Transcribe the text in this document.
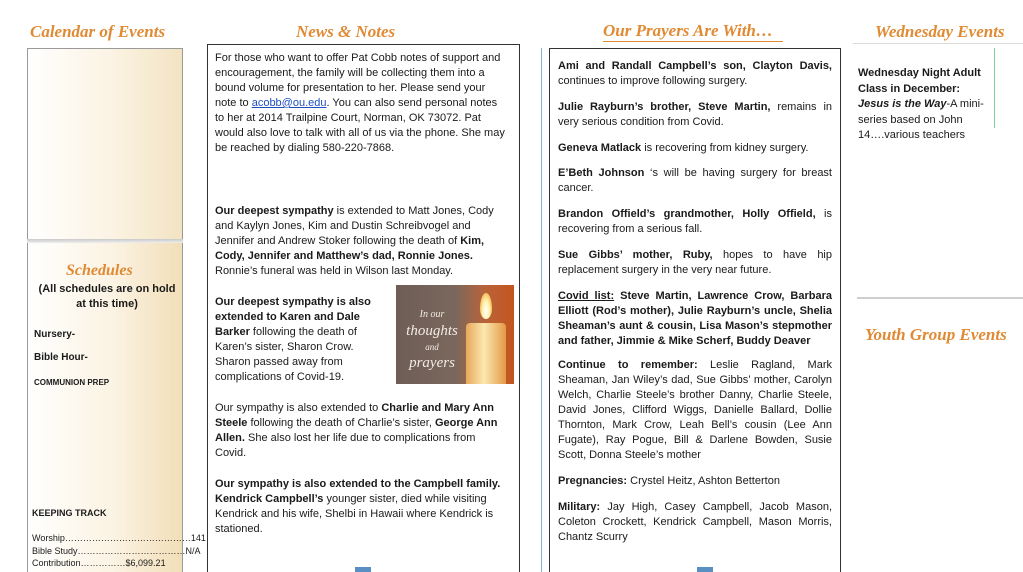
Calendar of Events	News & Notes	Our Prayers Are With…	Wednesday Events
Youth Group Events
Schedules
(All schedules are on hold at this time)
Nursery-
Bible Hour-
COMMUNION PREP
KEEPING TRACK
Worship……………………………………141
Bible Study………………………………N/A
Contribution……………$6,099.21

For those who want to offer Pat Cobb notes of support and encouragement, the family will be collecting them into a bound volume for presentation to her. Please send your note to acobb@ou.edu. You can also send personal notes to her at 2014 Trailpine Court, Norman, OK 73072. Pat would also love to talk with all of us via the phone. She may be reached by dialing 580-220-7868.

Our deepest sympathy is extended to Matt Jones, Cody and Kaylyn Jones, Kim and Dustin Schreibvogel and Jennifer and Andrew Stoker following the death of Kim, Cody, Jennifer and Matthew’s dad, Ronnie Jones. Ronnie’s funeral was held in Wilson last Monday.

Our deepest sympathy is also extended to Karen and Dale Barker following the death of Karen’s sister, Sharon Crow. Sharon passed away from complications of Covid-19.

Our sympathy is also extended to Charlie and Mary Ann Steele following the death of Charlie’s sister, George Ann Allen. She also lost her life due to complications from Covid.

Our sympathy is also extended to the Campbell family. Kendrick Campbell’s younger sister, died while visiting Kendrick and his wife, Shelbi in Hawaii where Kendrick is stationed.

In our
thoughts
and
prayers

Ami and Randall Campbell’s son, Clayton Davis, continues to improve following surgery.

Julie Rayburn’s brother, Steve Martin, remains in very serious condition from Covid.

Geneva Matlack is recovering from kidney surgery.

E’Beth Johnson ‘s will be having surgery for breast cancer.

Brandon Offield’s grandmother, Holly Offield, is recovering from a serious fall.

Sue Gibbs’ mother, Ruby, hopes to have hip replacement surgery in the very near future.

Covid list: Steve Martin, Lawrence Crow, Barbara Elliott (Rod’s mother), Julie Rayburn’s uncle, Shelia Sheaman’s aunt & cousin, Lisa Mason’s stepmother and father, Jimmie & Mike Scherf, Buddy Deaver

Continue to remember: Leslie Ragland, Mark Sheaman, Jan Wiley’s dad, Sue Gibbs’ mother, Carolyn Welch, Charlie Steele’s brother Danny, Charlie Steele, David Jones, Clifford Wiggs, Danielle Ballard, Dollie Thornton, Mark Crow, Leah Bell’s cousin (Lee Ann Fugate), Ray Pogue, Bill & Darlene Bowden, Susie Scott, Donna Steele’s mother

Pregnancies: Crystel Heitz, Ashton Betterton

Military: Jay High, Casey Campbell, Jacob Mason, Coleton Crockett, Kendrick Campbell, Mason Morris, Chantz Scurry

Wednesday Night Adult Class in December:
Jesus is the Way-A mini-series based on John 14….various teachers
